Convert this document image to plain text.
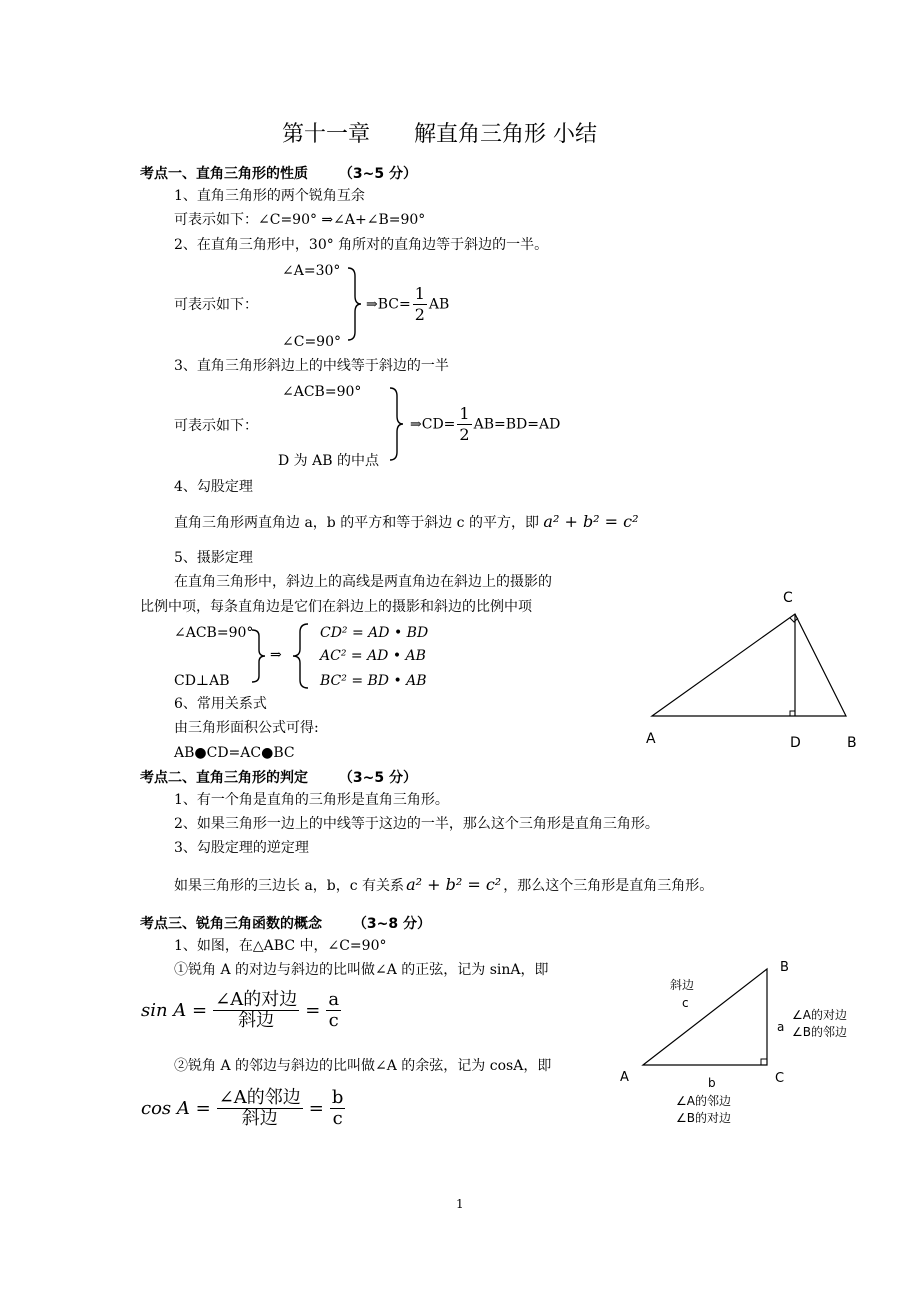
第十一章　　解直角三角形 小结
考点一、直角三角形的性质 （3~5 分）
1、直角三角形的两个锐角互余
可表示如下：∠C=90° ⇒∠A+∠B=90°
2、在直角三角形中，30° 角所对的直角边等于斜边的一半。
∠A=30°
可表示如下：
∠C=90°
⇒BC= $\frac{1}{2}$ AB
3、直角三角形斜边上的中线等于斜边的一半
∠ACB=90°
可表示如下：
D 为 AB 的中点
⇒CD= $\frac{1}{2} AB=BD=AD$
4、勾股定理
直角三角形两直角边 a，b 的平方和等于斜边 c 的平方，即 a² + b² = c²
5、摄影定理
在直角三角形中，斜边上的高线是两直角边在斜边上的摄影的
比例中项，每条直角边是它们在斜边上的摄影和斜边的比例中项
∠ACB=90°
CD⊥AB
⇒
CD² = AD • BD
AC² = AD • AB
BC² = BD • AB
6、常用关系式
由三角形面积公式可得:
AB●CD=AC●BC
C
A	D	B
考点二、直角三角形的判定 （3~5 分）
1、有一个角是直角的三角形是直角三角形。
2、如果三角形一边上的中线等于这边的一半，那么这个三角形是直角三角形。
3、勾股定理的逆定理
如果三角形的三边长 a，b，c 有关系 a² + b² = c² ，那么这个三角形是直角三角形。
考点三、锐角三角函数的概念 （3~8 分）
1、如图，在△ABC 中，∠C=90°
①锐角 A 的对边与斜边的比叫做∠A 的正弦，记为 sinA，即
$\sin A = \frac{\text{∠A的对边}}{\text{斜边}} = \frac{a}{c}$
②锐角 A 的邻边与斜边的比叫做∠A 的余弦，记为 cosA，即
$\cos A = \frac{\text{∠A的邻边}}{\text{斜边}} = \frac{b}{c}$
B
A	C
斜边
c
a
∠A的对边
∠B的邻边
b
∠A的邻边
∠B的对边
1
